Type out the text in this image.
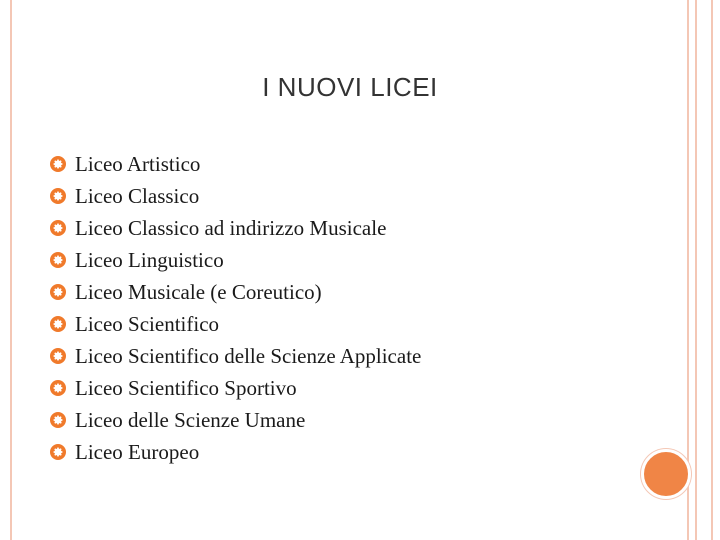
I NUOVI LICEI
Liceo Artistico
Liceo Classico
Liceo Classico ad indirizzo Musicale
Liceo Linguistico
Liceo Musicale (e Coreutico)
Liceo Scientifico
Liceo Scientifico delle Scienze Applicate
Liceo Scientifico Sportivo
Liceo delle Scienze Umane
Liceo Europeo
